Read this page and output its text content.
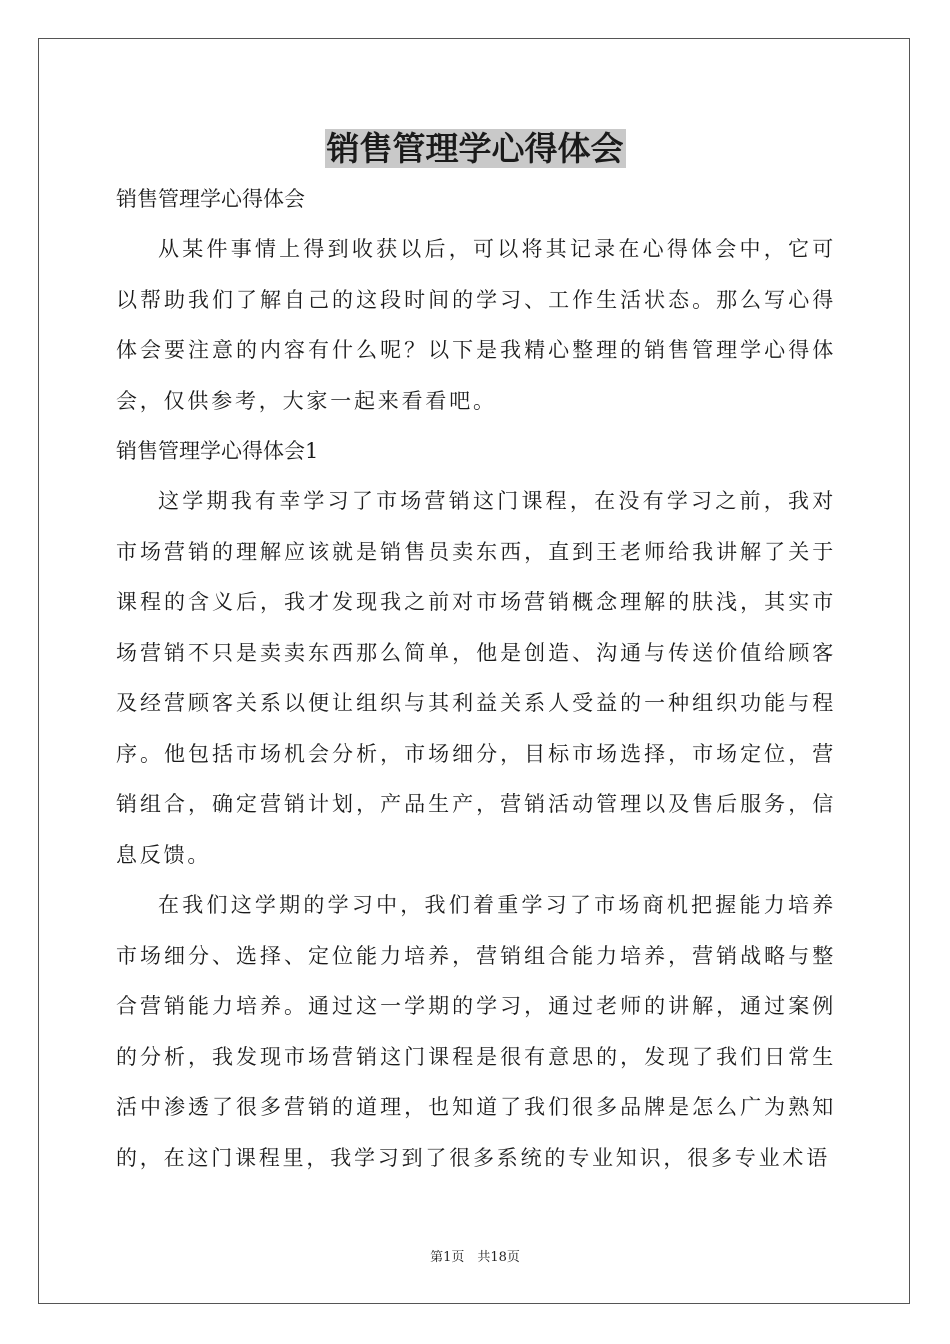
销售管理学心得体会

销售管理学心得体会

从某件事情上得到收获以后，可以将其记录在心得体会中，它可以帮助我们了解自己的这段时间的学习、工作生活状态。那么写心得体会要注意的内容有什么呢？以下是我精心整理的销售管理学心得体会，仅供参考，大家一起来看看吧。

销售管理学心得体会1

这学期我有幸学习了市场营销这门课程，在没有学习之前，我对市场营销的理解应该就是销售员卖东西，直到王老师给我讲解了关于课程的含义后，我才发现我之前对市场营销概念理解的肤浅，其实市场营销不只是卖卖东西那么简单，他是创造、沟通与传送价值给顾客及经营顾客关系以便让组织与其利益关系人受益的一种组织功能与程序。他包括市场机会分析，市场细分，目标市场选择，市场定位，营销组合，确定营销计划，产品生产，营销活动管理以及售后服务，信息反馈。

在我们这学期的学习中，我们着重学习了市场商机把握能力培养市场细分、选择、定位能力培养，营销组合能力培养，营销战略与整合营销能力培养。通过这一学期的学习，通过老师的讲解，通过案例的分析，我发现市场营销这门课程是很有意思的，发现了我们日常生活中渗透了很多营销的道理，也知道了我们很多品牌是怎么广为熟知的，在这门课程里，我学习到了很多系统的专业知识，很多专业术语

第1页　共18页
